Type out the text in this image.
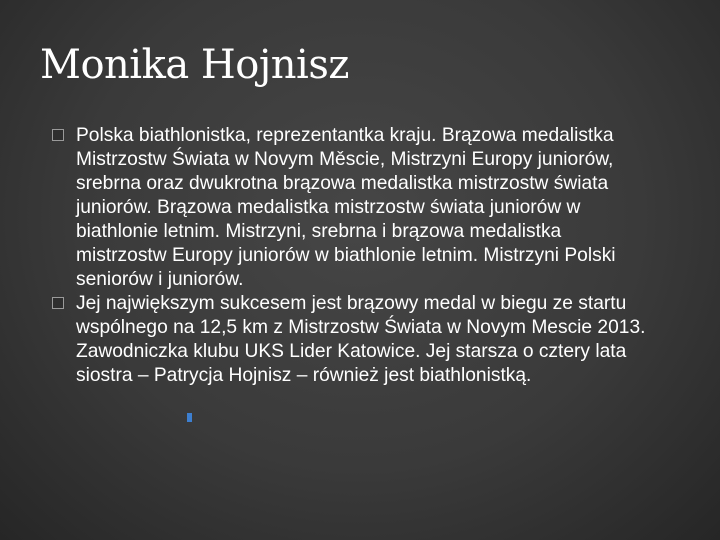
Monika Hojnisz
Polska biathlonistka, reprezentantka kraju. Brązowa medalistka Mistrzostw Świata w Novym Měscie, Mistrzyni Europy juniorów, srebrna oraz dwukrotna brązowa medalistka mistrzostw świata juniorów. Brązowa medalistka mistrzostw świata juniorów w biathlonie letnim. Mistrzyni, srebrna i brązowa medalistka mistrzostw Europy juniorów w biathlonie letnim. Mistrzyni Polski seniorów i juniorów.
Jej największym sukcesem jest brązowy medal w biegu ze startu wspólnego na 12,5 km z Mistrzostw Świata w Novym Mescie 2013. Zawodniczka klubu UKS Lider Katowice. Jej starsza o cztery lata siostra – Patrycja Hojnisz – również jest biathlonistką.
